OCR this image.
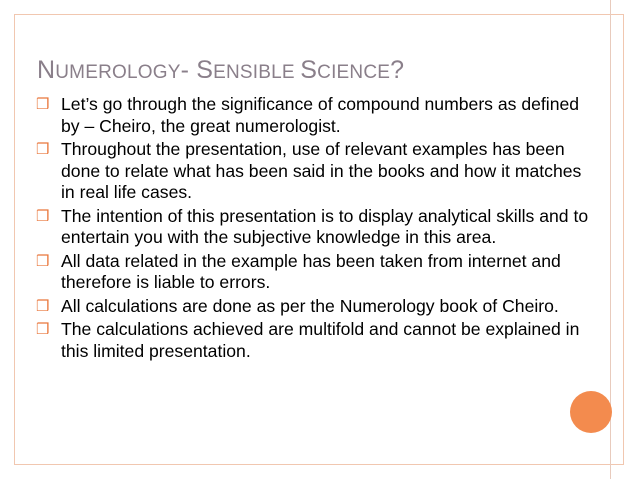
NUMEROLOGY- SENSIBLE SCIENCE?
❒ Let’s go through the significance of compound numbers as defined by – Cheiro, the great numerologist.
❒ Throughout the presentation, use of relevant examples has been done to relate what has been said in the books and how it matches in real life cases.
❒ The intention of this presentation is to display analytical skills and to entertain you with the subjective knowledge in this area.
❒ All data related in the example has been taken from internet and therefore is liable to errors.
❒ All calculations are done as per the Numerology book of Cheiro.
❒ The calculations achieved are multifold and cannot be explained in this limited presentation.
